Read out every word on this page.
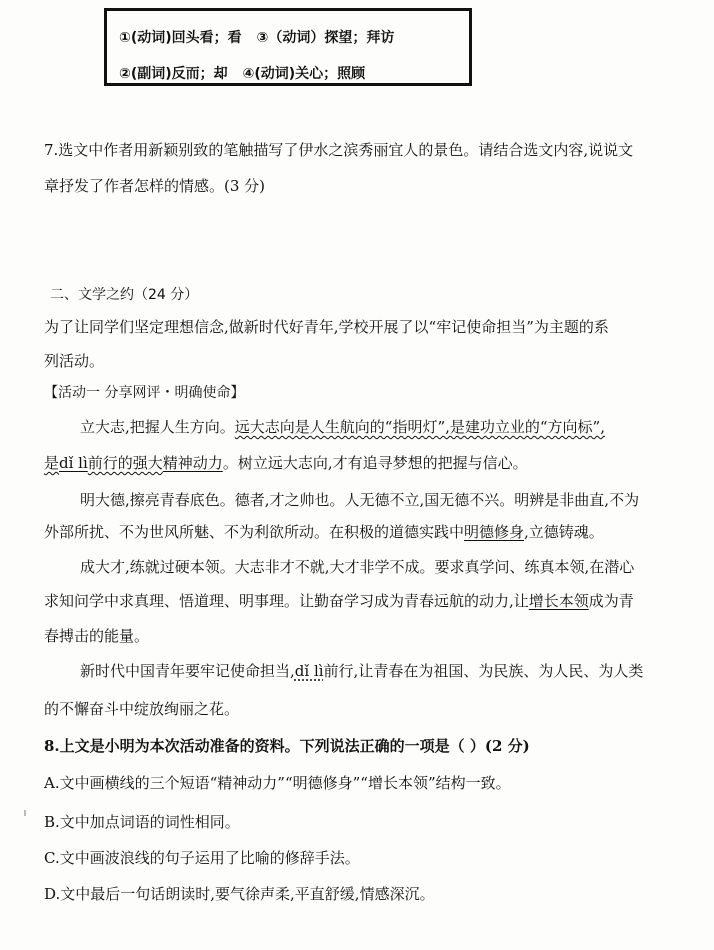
①(动词)回头看；看 ③（动词）探望；拜访
②(副词)反而；却 ④(动词)关心；照顾
7.选文中作者用新颖别致的笔触描写了伊水之滨秀丽宜人的景色。请结合选文内容,说说文
章抒发了作者怎样的情感。(3 分)
二、文学之约（24 分）
为了让同学们坚定理想信念,做新时代好青年,学校开展了以“牢记使命担当”为主题的系
列活动。
【活动一 分享网评・明确使命】
立大志,把握人生方向。远大志向是人生航向的“指明灯”,是建功立业的“方向标”,
是dǐ lì前行的强大精神动力。树立远大志向,才有追寻梦想的把握与信心。
明大德,擦亮青春底色。德者,才之帅也。人无德不立,国无德不兴。明辨是非曲直,不为
外部所扰、不为世风所魅、不为利欲所动。在积极的道德实践中明德修身,立德铸魂。
成大才,练就过硬本领。大志非才不就,大才非学不成。要求真学问、练真本领,在潜心
求知问学中求真理、悟道理、明事理。让勤奋学习成为青春远航的动力,让增长本领成为青
春搏击的能量。
新时代中国青年要牢记使命担当,dǐ lì前行,让青春在为祖国、为民族、为人民、为人类
的不懈奋斗中绽放绚丽之花。
8.上文是小明为本次活动准备的资料。下列说法正确的一项是（ ）(2 分)
A.文中画横线的三个短语“精神动力”“明德修身”“增长本领”结构一致。
B.文中加点词语的词性相同。
C.文中画波浪线的句子运用了比喻的修辞手法。
D.文中最后一句话朗读时,要气徐声柔,平直舒缓,情感深沉。
